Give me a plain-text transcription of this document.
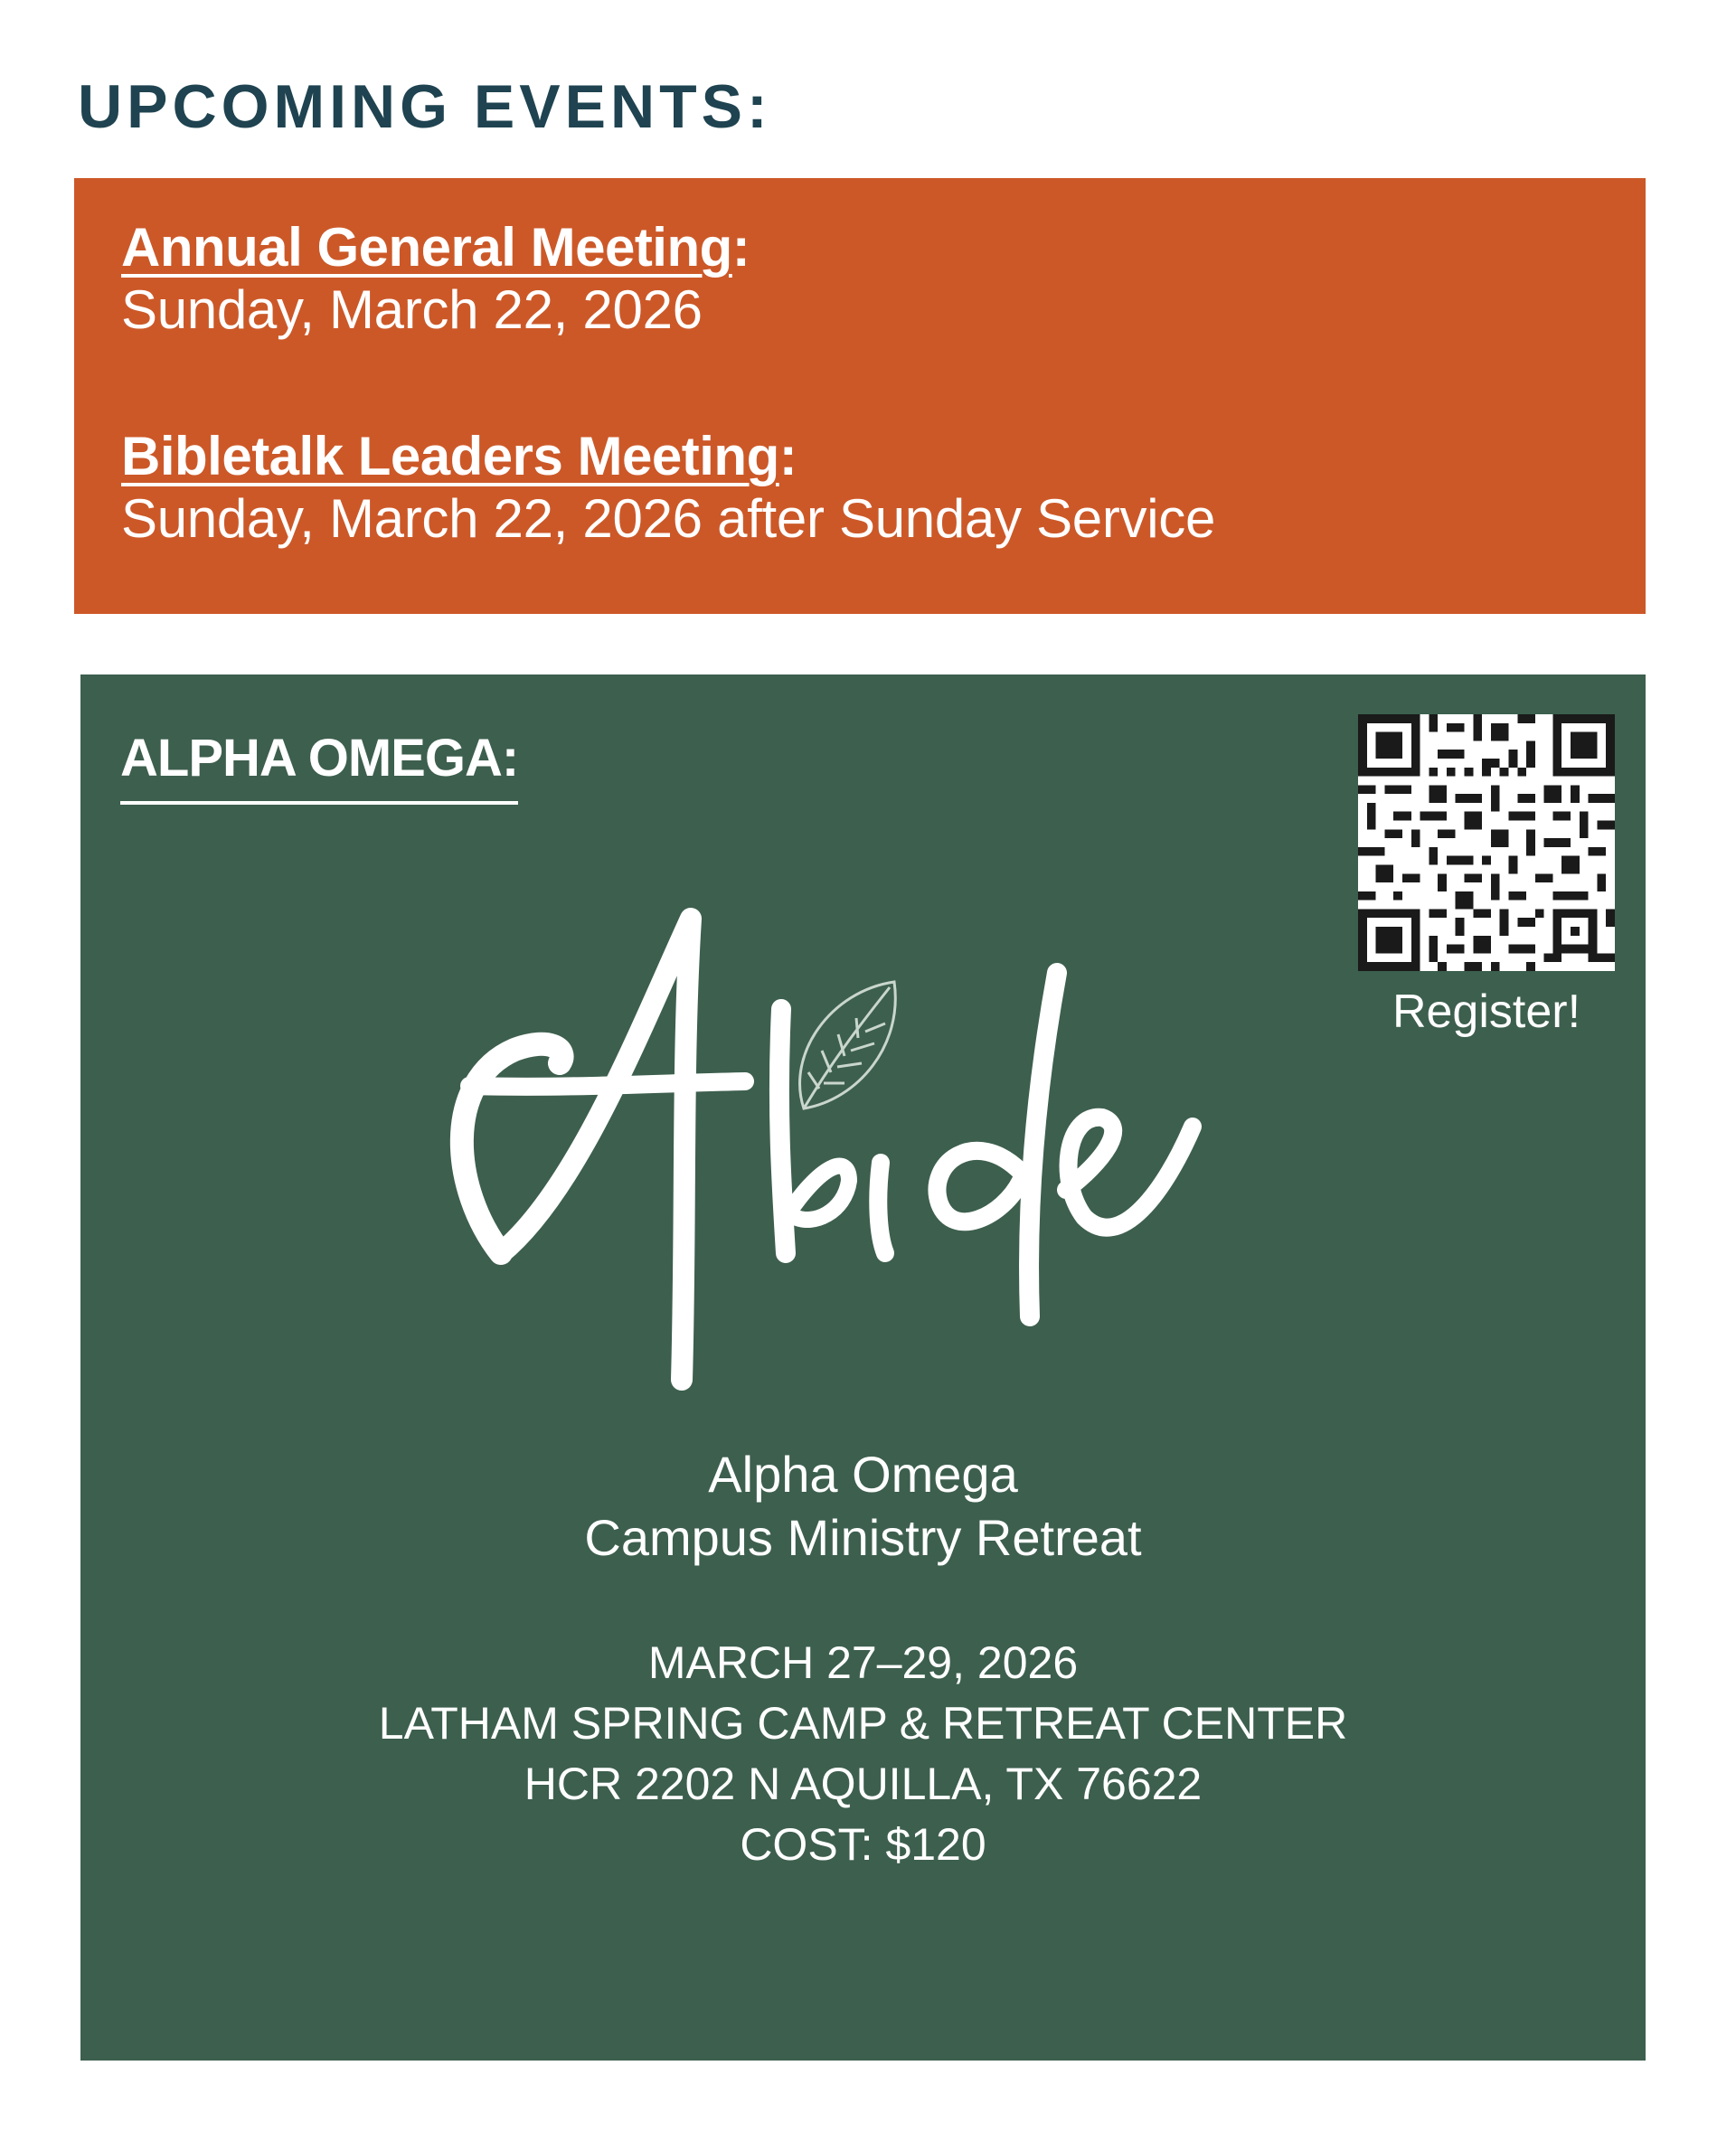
UPCOMING EVENTS:
Annual General Meeting:
Sunday, March 22, 2026
Bibletalk Leaders Meeting:
Sunday, March 22, 2026 after Sunday Service
ALPHA OMEGA:
Register!
Alpha Omega
Campus Ministry Retreat
MARCH 27–29, 2026
LATHAM SPRING CAMP & RETREAT CENTER
HCR 2202 N AQUILLA, TX 76622
COST: $120
